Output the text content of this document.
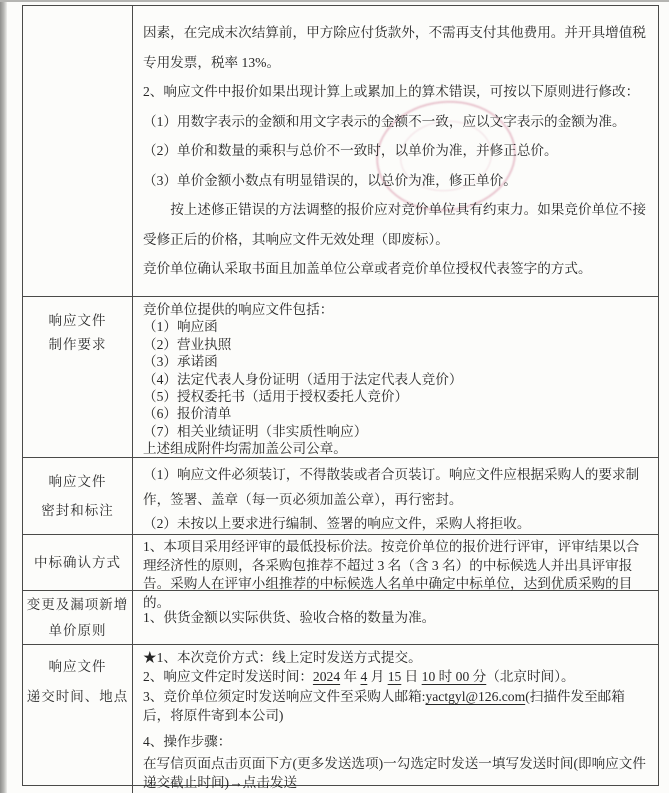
因素，在完成末次结算前，甲方除应付货款外，不需再支付其他费用。并开具增值税专用发票，税率 13%。

2、响应文件中报价如果出现计算上或累加上的算术错误，可按以下原则进行修改：

（1）用数字表示的金额和用文字表示的金额不一致，应以文字表示的金额为准。

（2）单价和数量的乘积与总价不一致时，以单价为准，并修正总价。

（3）单价金额小数点有明显错误的，以总价为准，修正单价。

按上述修正错误的方法调整的报价应对竞价单位具有约束力。如果竞价单位不接受修正后的价格，其响应文件无效处理（即废标）。

竞价单位确认采取书面且加盖单位公章或者竞价单位授权代表签字的方式。

响应文件
制作要求

竞价单位提供的响应文件包括：

（1）响应函

（2）营业执照

（3）承诺函

（4）法定代表人身份证明（适用于法定代表人竞价）

（5）授权委托书（适用于授权委托人竞价）

（6）报价清单

（7）相关业绩证明（非实质性响应）

上述组成附件均需加盖公司公章。

响应文件
密封和标注

（1）响应文件必须装订，不得散装或者合页装订。响应文件应根据采购人的要求制作，签署、盖章（每一页必须加盖公章），再行密封。

（2）未按以上要求进行编制、签署的响应文件，采购人将拒收。

中标确认方式

1、本项目采用经评审的最低投标价法。按竞价单位的报价进行评审，评审结果以合理经济性的原则，各采购包推荐不超过 3 名（含 3 名）的中标候选人并出具评审报告。采购人在评审小组推荐的中标候选人名单中确定中标单位，达到优质采购的目的。

变更及漏项新增
单价原则

1、供货金额以实际供货、验收合格的数量为准。

响应文件
递交时间、地点

★1、本次竞价方式：线上定时发送方式提交。

2、响应文件定时发送时间：2024 年 4 月 15 日 10 时 00 分（北京时间）。

3、竞价单位须定时发送响应文件至采购人邮箱:yactgyl@126.com(扫描件发至邮箱后，将原件寄到本公司)

4、操作步骤：

在写信页面点击页面下方(更多发送选项)一勾选定时发送一填写发送时间(即响应文件递交截止时间)→点击发送
